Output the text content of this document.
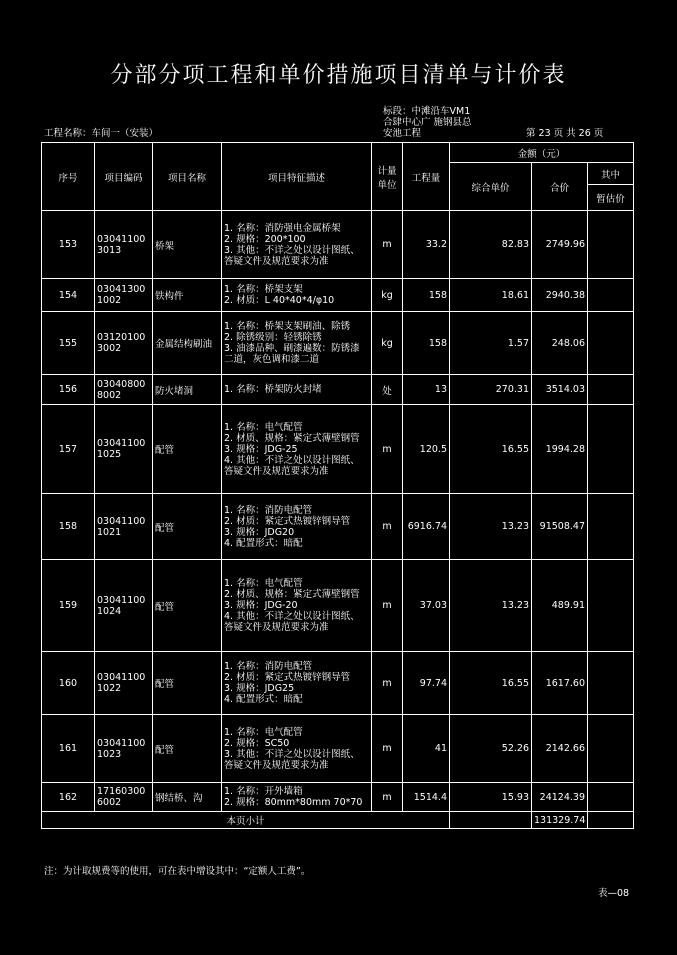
分部分项工程和单价措施项目清单与计价表
标段：中滩沿车VM1
合肆中心广 施钢县总
安池工程
工程名称：车间一（安装）	第 23 页 共 26 页
序号	项目编码	项目名称	项目特征描述	计量单位	工程量	金额（元）		
						综合单价	合价	其中
								暂估价
153	030411003013	桥架	1. 名称：消防强电金属桥架
2. 规格：200*100
3. 其他：不详之处以设计图纸、答疑文件及规范要求为准	m	33.2	82.83	2749.96	
154	030413001002	铁构件	1. 名称：桥架支架
2. 材质：L 40*40*4/φ10	kg	158	18.61	2940.38	
155	031201003002	金属结构刷油	1. 名称：桥架支架刷油、除锈
2. 除锈级别：轻锈除锈
3. 油漆品种、刷漆遍数：防锈漆二道，灰色调和漆二道	kg	158	1.57	248.06	
156	030408008002	防火堵洞	1. 名称：桥架防火封堵	处	13	270.31	3514.03	
157	030411001025	配管	1. 名称：电气配管
2. 材质、规格：紧定式薄壁钢管
3. 规格：JDG-25
4. 其他：不详之处以设计图纸、答疑文件及规范要求为准	m	120.5	16.55	1994.28	
158	030411001021	配管	1. 名称：消防电配管
2. 材质：紧定式热镀锌钢导管
3. 规格：JDG20
4. 配置形式：暗配	m	6916.74	13.23	91508.47	
159	030411001024	配管	1. 名称：电气配管
2. 材质、规格：紧定式薄壁钢管
3. 规格：JDG-20
4. 其他：不详之处以设计图纸、答疑文件及规范要求为准	m	37.03	13.23	489.91	
160	030411001022	配管	1. 名称：消防电配管
2. 材质：紧定式热镀锌钢导管
3. 规格：JDG25
4. 配置形式：暗配	m	97.74	16.55	1617.60	
161	030411001023	配管	1. 名称：电气配管
2. 规格：SC50
3. 其他：不详之处以设计图纸、答疑文件及规范要求为准	m	41	52.26	2142.66	
162	171603006002	钢结桥、沟	1. 名称：开外墙箱
2. 规格：80mm*80mm 70*70	m	1514.4	15.93	24124.39	
本页小计							131329.74	
注：为计取规费等的使用，可在表中增设其中：“定额人工费”。
表—08
